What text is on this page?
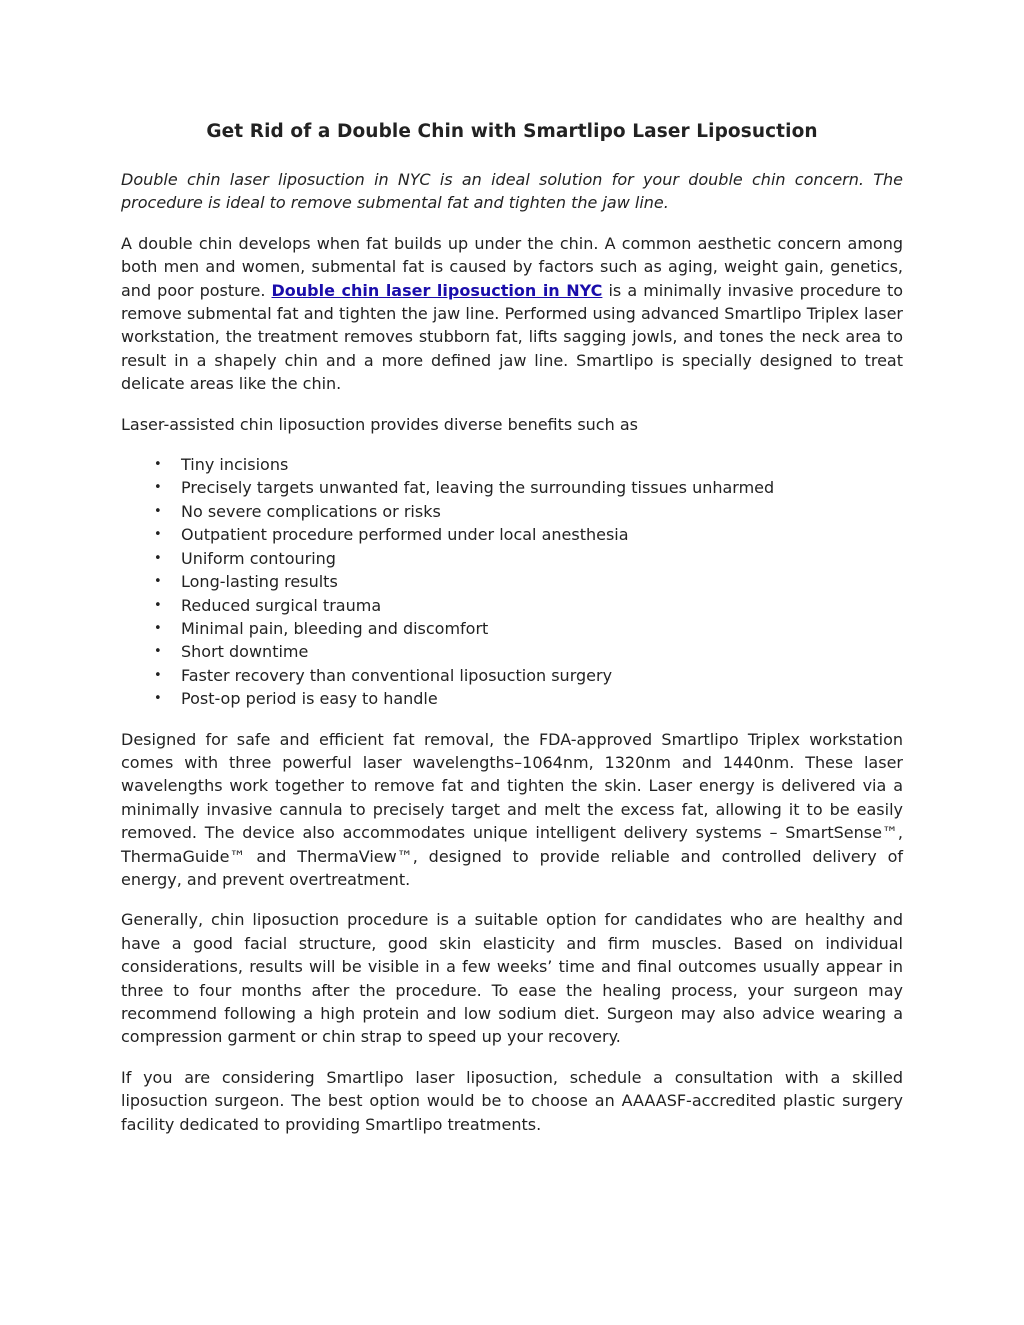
Get Rid of a Double Chin with Smartlipo Laser Liposuction

Double chin laser liposuction in NYC is an ideal solution for your double chin concern. The procedure is ideal to remove submental fat and tighten the jaw line.

A double chin develops when fat builds up under the chin. A common aesthetic concern among both men and women, submental fat is caused by factors such as aging, weight gain, genetics, and poor posture. Double chin laser liposuction in NYC is a minimally invasive procedure to remove submental fat and tighten the jaw line. Performed using advanced Smartlipo Triplex laser workstation, the treatment removes stubborn fat, lifts sagging jowls, and tones the neck area to result in a shapely chin and a more defined jaw line. Smartlipo is specially designed to treat delicate areas like the chin.

Laser-assisted chin liposuction provides diverse benefits such as

• Tiny incisions
• Precisely targets unwanted fat, leaving the surrounding tissues unharmed
• No severe complications or risks
• Outpatient procedure performed under local anesthesia
• Uniform contouring
• Long-lasting results
• Reduced surgical trauma
• Minimal pain, bleeding and discomfort
• Short downtime
• Faster recovery than conventional liposuction surgery
• Post-op period is easy to handle

Designed for safe and efficient fat removal, the FDA-approved Smartlipo Triplex workstation comes with three powerful laser wavelengths–1064nm, 1320nm and 1440nm. These laser wavelengths work together to remove fat and tighten the skin. Laser energy is delivered via a minimally invasive cannula to precisely target and melt the excess fat, allowing it to be easily removed. The device also accommodates unique intelligent delivery systems – SmartSense™, ThermaGuide™ and ThermaView™, designed to provide reliable and controlled delivery of energy, and prevent overtreatment.

Generally, chin liposuction procedure is a suitable option for candidates who are healthy and have a good facial structure, good skin elasticity and firm muscles. Based on individual considerations, results will be visible in a few weeks’ time and final outcomes usually appear in three to four months after the procedure. To ease the healing process, your surgeon may recommend following a high protein and low sodium diet. Surgeon may also advice wearing a compression garment or chin strap to speed up your recovery.

If you are considering Smartlipo laser liposuction, schedule a consultation with a skilled liposuction surgeon. The best option would be to choose an AAAASF-accredited plastic surgery facility dedicated to providing Smartlipo treatments.
